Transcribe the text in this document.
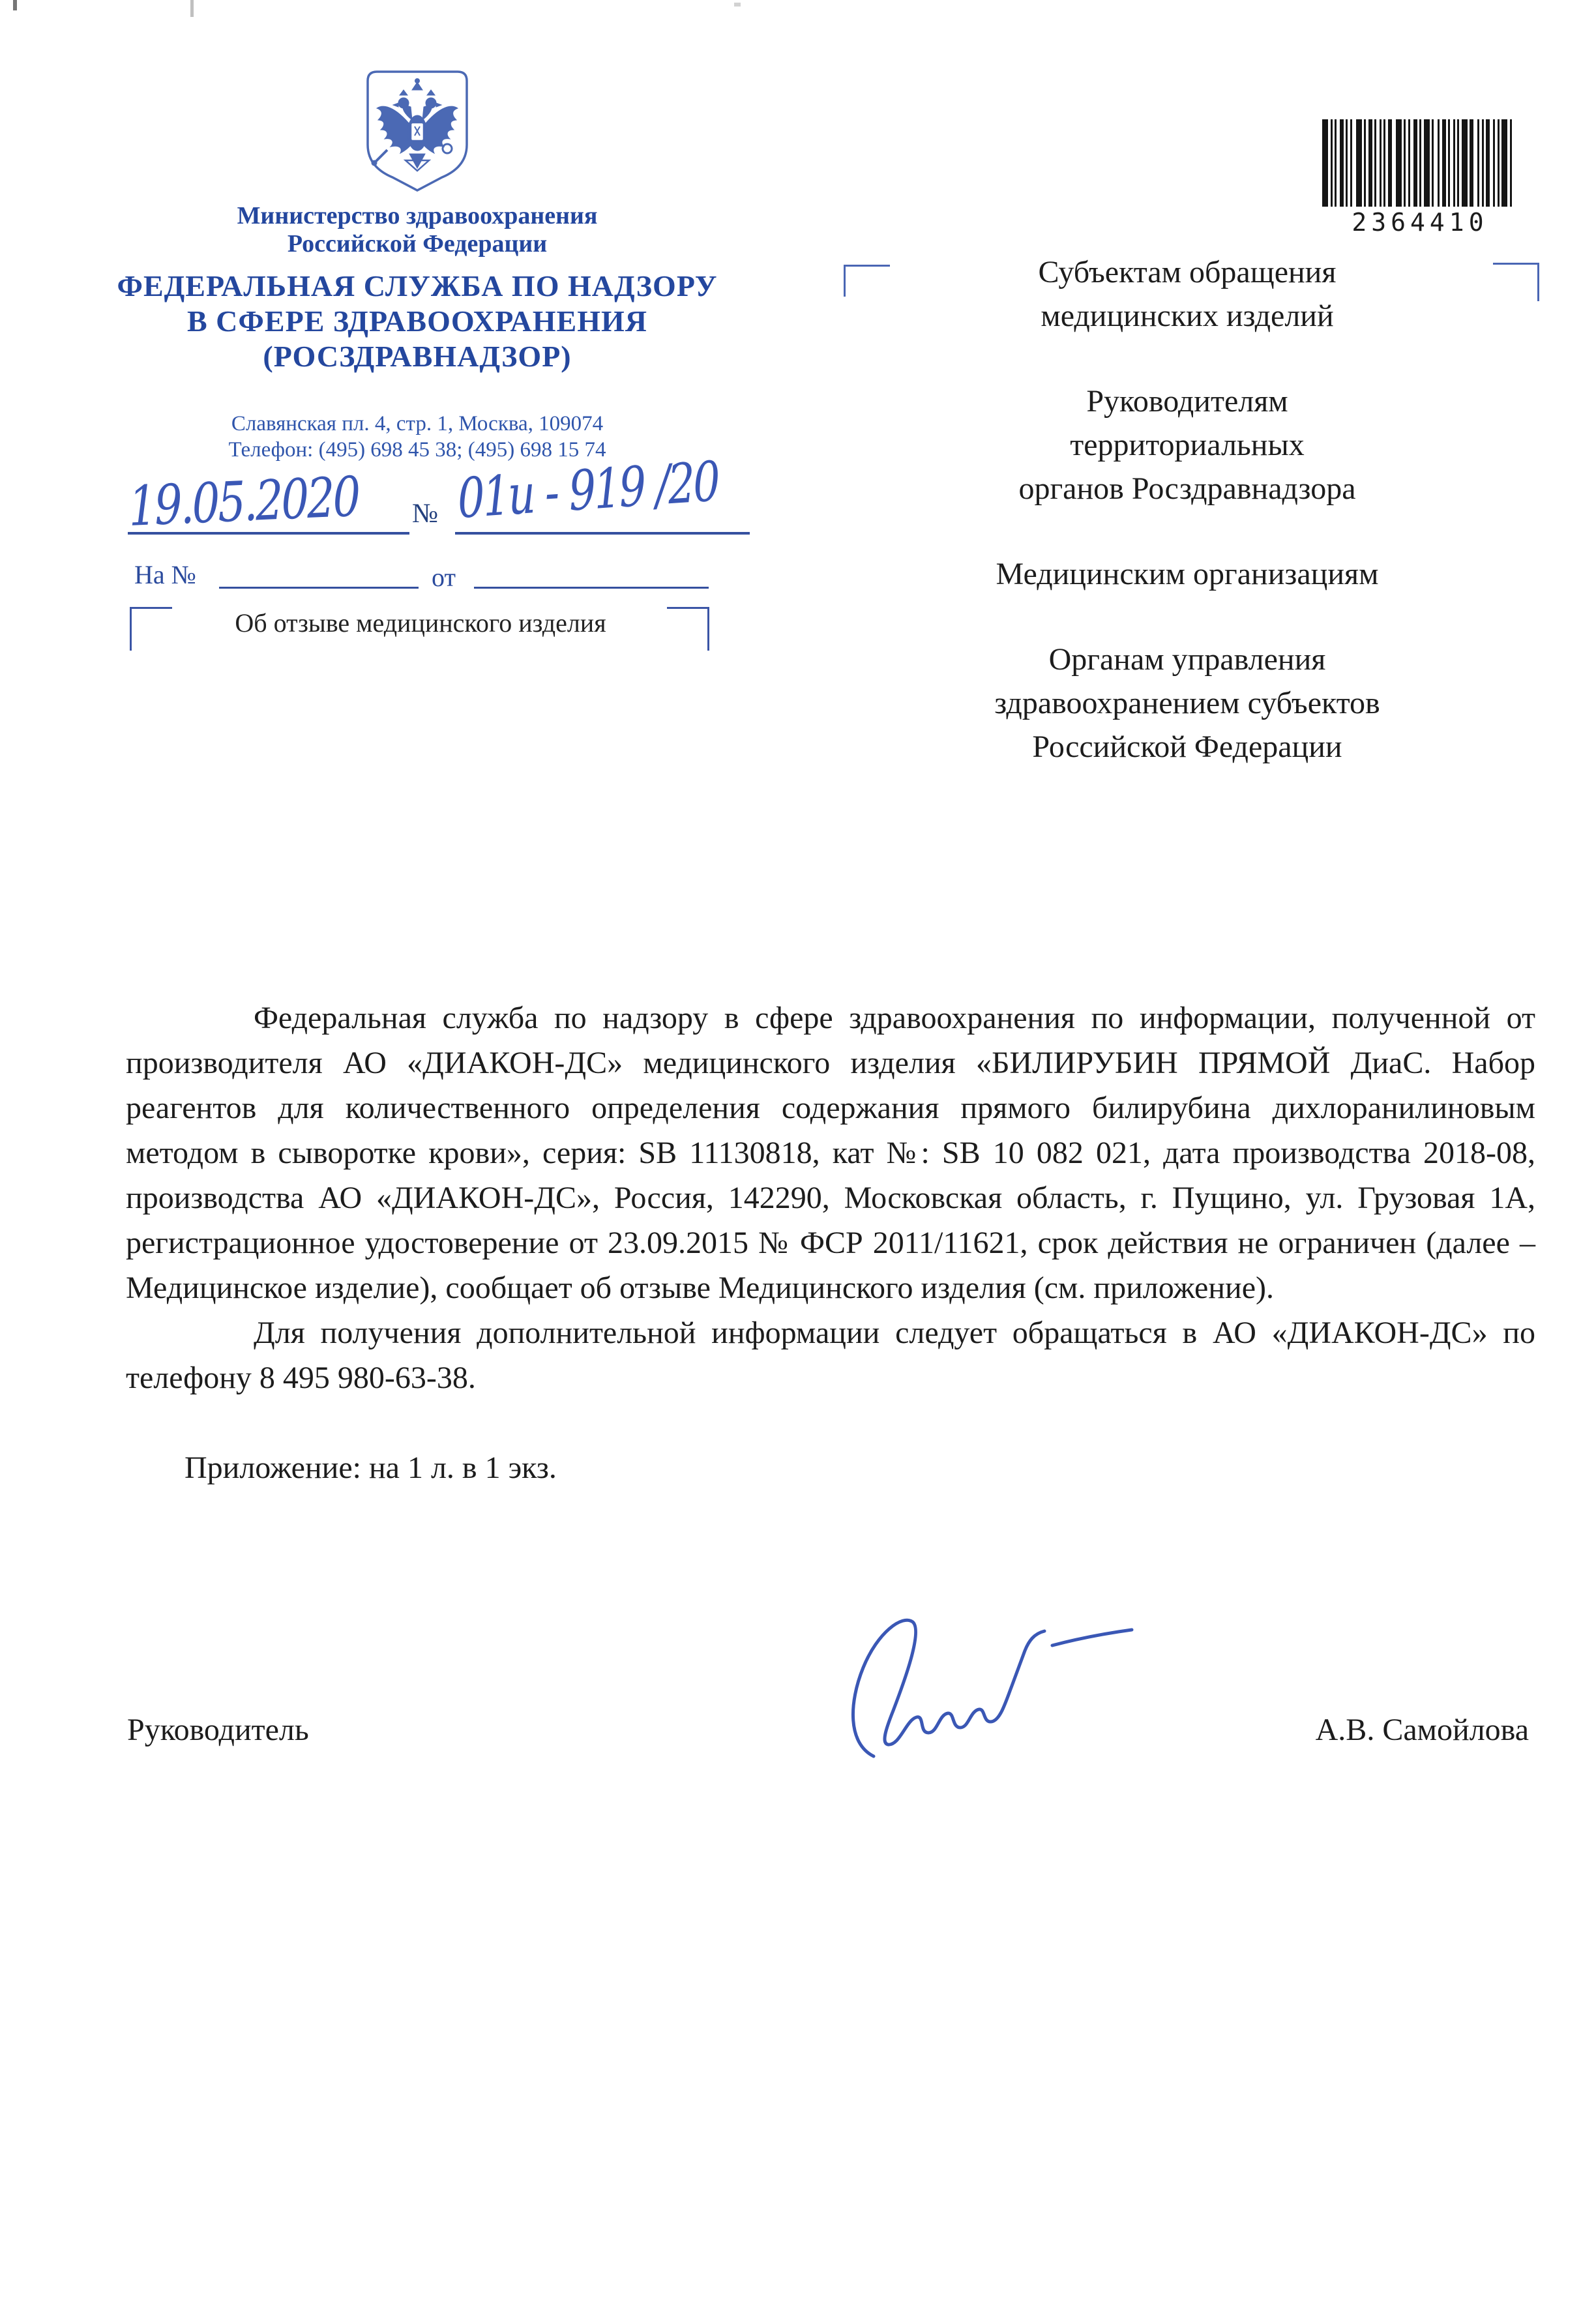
Министерство здравоохранения
Российской Федерации
ФЕДЕРАЛЬНАЯ СЛУЖБА ПО НАДЗОРУ
В СФЕРЕ ЗДРАВООХРАНЕНИЯ
(РОСЗДРАВНАДЗОР)
Славянская пл. 4, стр. 1, Москва, 109074
Телефон: (495) 698 45 38; (495) 698 15 74
2364410
19.05.2020 № 01и - 919 /20
На №	от
Об отзыве медицинского изделия
Субъектам обращения
медицинских изделий
Руководителям
территориальных
органов Росздравнадзора
Медицинским организациям
Органам управления
здравоохранением субъектов
Российской Федерации

Федеральная служба по надзору в сфере здравоохранения по информации, полученной от производителя АО «ДИАКОН-ДС» медицинского изделия «БИЛИРУБИН ПРЯМОЙ ДиаС. Набор реагентов для количественного определения содержания прямого билирубина дихлоранилиновым методом в сыворотке крови», серия: SB 11130818, кат №: SB 10 082 021, дата производства 2018-08, производства АО «ДИАКОН-ДС», Россия, 142290, Московская область, г. Пущино, ул. Грузовая 1А, регистрационное удостоверение от 23.09.2015 № ФСР 2011/11621, срок действия не ограничен (далее – Медицинское изделие), сообщает об отзыве Медицинского изделия (см. приложение).

Для получения дополнительной информации следует обращаться в АО «ДИАКОН-ДС» по телефону 8 495 980-63-38.

Приложение: на 1 л. в 1 экз.

Руководитель	А.В. Самойлова
